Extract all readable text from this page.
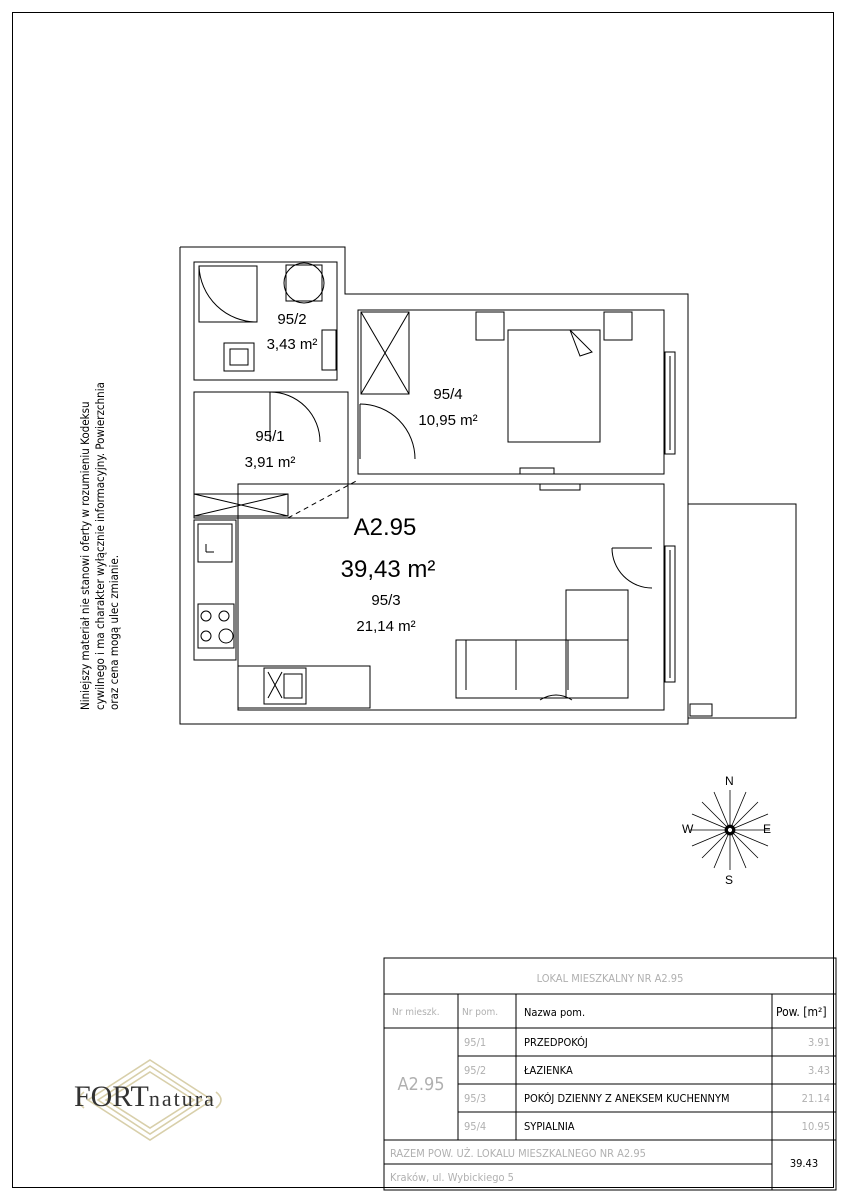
95/2
3,43 m²
95/4
10,95 m²
95/1
3,91 m²
A2.95
39,43 m²
95/3
21,14 m²
Niniejszy materiał nie stanowi oferty w rozumieniu Kodeksu cywilnego i ma charakter wyłącznie informacyjny. Powierzchnia oraz cena mogą ulec zmianie.
N
S
E
W
FORTnatura
LOKAL MIESZKALNY NR A2.95
Nr mieszk.	Nr pom.	Nazwa pom.	Pow. [m²]
A2.95
95/1	PRZEDPOKÓJ	3.91
95/2	ŁAZIENKA	3.43
95/3	POKÓJ DZIENNY Z ANEKSEM KUCHENNYM	21.14
95/4	SYPIALNIA	10.95
RAZEM POW. UŻ. LOKALU MIESZKALNEGO NR A2.95
39.43
Kraków, ul. Wybickiego 5
